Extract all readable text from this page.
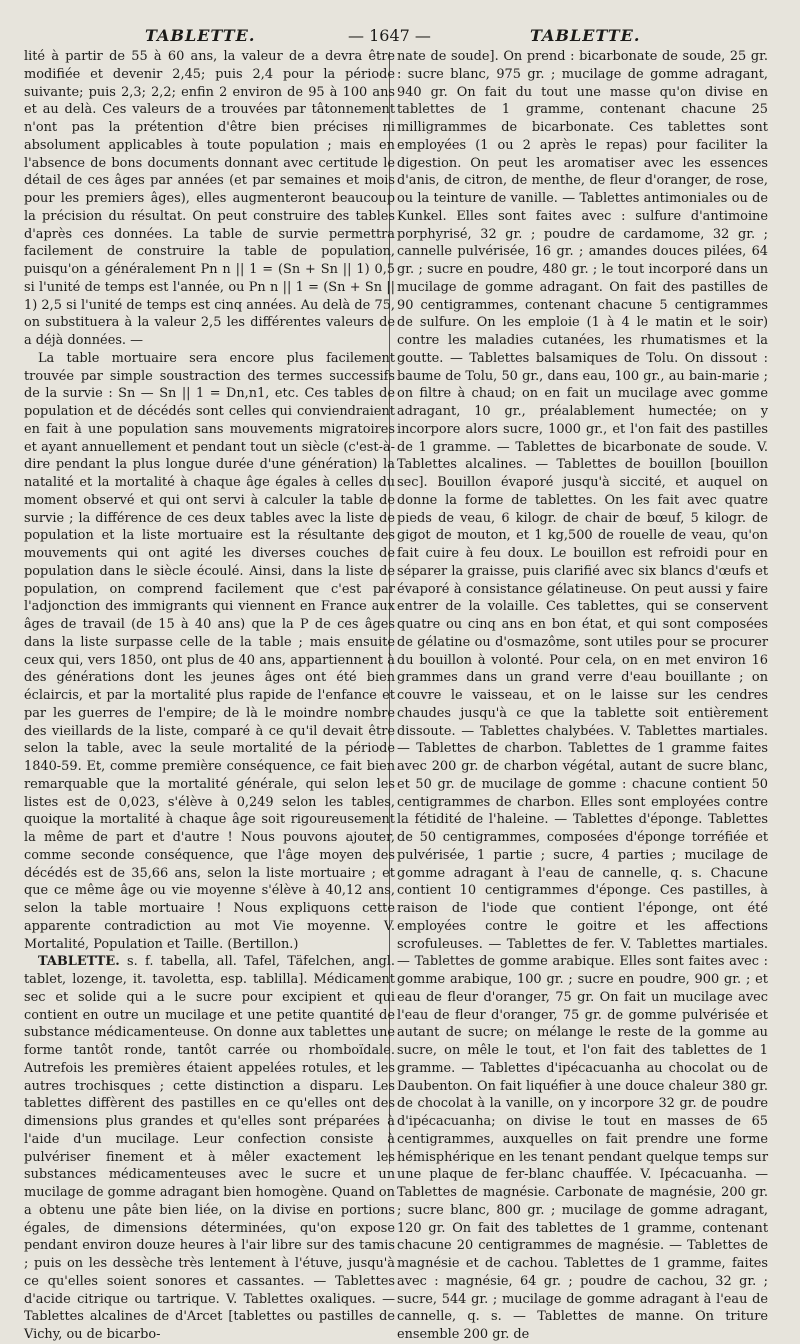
TABLETTE.	— 1647 —	TABLETTE.

lité à partir de 55 à 60 ans, la valeur de a devra être modifiée et devenir 2,45; puis 2,4 pour la période suivante; puis 2,3; 2,2; enfin 2 environ de 95 à 100 ans et au delà. Ces valeurs de a trouvées par tâtonnement n'ont pas la prétention d'être bien précises ni absolument applicables à toute population ; mais en l'absence de bons documents donnant avec certitude le détail de ces âges par années (et par semaines et mois pour les premiers âges), elles augmenteront beaucoup la précision du résultat. On peut construire des tables d'après ces données. La table de survie permettra facilement de construire la table de population, puisqu'on a généralement Pn n || 1 = (Sn + Sn || 1) 0,5 si l'unité de temps est l'année, ou Pn n || 1 = (Sn + Sn || 1) 2,5 si l'unité de temps est cinq années. Au delà de 75, on substituera à la valeur 2,5 les différentes valeurs de a déjà données. —

La table mortuaire sera encore plus facilement trouvée par simple soustraction des termes successifs de la survie : Sn — Sn || 1 = Dn,n1, etc. Ces tables de population et de décédés sont celles qui conviendraient en fait à une population sans mouvements migratoires et ayant annuellement et pendant tout un siècle (c'est-à-dire pendant la plus longue durée d'une génération) la natalité et la mortalité à chaque âge égales à celles du moment observé et qui ont servi à calculer la table de survie ; la différence de ces deux tables avec la liste de population et la liste mortuaire est la résultante des mouvements qui ont agité les diverses couches de population dans le siècle écoulé. Ainsi, dans la liste de population, on comprend facilement que c'est par l'adjonction des immigrants qui viennent en France aux âges de travail (de 15 à 40 ans) que la P de ces âges dans la liste surpasse celle de la table ; mais ensuite ceux qui, vers 1850, ont plus de 40 ans, appartiennent à des générations dont les jeunes âges ont été bien éclaircis, et par la mortalité plus rapide de l'enfance et par les guerres de l'empire; de là le moindre nombre des vieillards de la liste, comparé à ce qu'il devait être selon la table, avec la seule mortalité de la période 1840-59. Et, comme première conséquence, ce fait bien remarquable que la mortalité générale, qui selon les listes est de 0,023, s'élève à 0,249 selon les tables, quoique la mortalité à chaque âge soit rigoureusement la même de part et d'autre ! Nous pouvons ajouter, comme seconde conséquence, que l'âge moyen des décédés est de 35,66 ans, selon la liste mortuaire ; et que ce même âge ou vie moyenne s'élève à 40,12 ans, selon la table mortuaire ! Nous expliquons cette apparente contradiction au mot Vie moyenne. V. Mortalité, Population et Taille. (Bertillon.)

TABLETTE. s. f. tabella, all. Tafel, Täfelchen, angl. tablet, lozenge, it. tavoletta, esp. tablilla]. Médicament sec et solide qui a le sucre pour excipient et qui contient en outre un mucilage et une petite quantité de substance médicamenteuse. On donne aux tablettes une forme tantôt ronde, tantôt carrée ou rhomboïdale. Autrefois les premières étaient appelées rotules, et les autres trochisques ; cette distinction a disparu. Les tablettes diffèrent des pastilles en ce qu'elles ont des dimensions plus grandes et qu'elles sont préparées à l'aide d'un mucilage. Leur confection consiste à pulvériser finement et à mêler exactement les substances médicamenteuses avec le sucre et un mucilage de gomme adragant bien homogène. Quand on a obtenu une pâte bien liée, on la divise en portions égales, de dimensions déterminées, qu'on expose pendant environ douze heures à l'air libre sur des tamis ; puis on les dessèche très lentement à l'étuve, jusqu'à ce qu'elles soient sonores et cassantes. — Tablettes d'acide citrique ou tartrique. V. Tablettes oxaliques. — Tablettes alcalines de d'Arcet [tablettes ou pastilles de Vichy, ou de bicarbo-

nate de soude]. On prend : bicarbonate de soude, 25 gr. : sucre blanc, 975 gr. ; mucilage de gomme adragant, 940 gr. On fait du tout une masse qu'on divise en tablettes de 1 gramme, contenant chacune 25 milligrammes de bicarbonate. Ces tablettes sont employées (1 ou 2 après le repas) pour faciliter la digestion. On peut les aromatiser avec les essences d'anis, de citron, de menthe, de fleur d'oranger, de rose, ou la teinture de vanille. — Tablettes antimoniales ou de Kunkel. Elles sont faites avec : sulfure d'antimoine porphyrisé, 32 gr. ; poudre de cardamome, 32 gr. ; cannelle pulvérisée, 16 gr. ; amandes douces pilées, 64 gr. ; sucre en poudre, 480 gr. ; le tout incorporé dans un mucilage de gomme adragant. On fait des pastilles de 90 centigrammes, contenant chacune 5 centigrammes de sulfure. On les emploie (1 à 4 le matin et le soir) contre les maladies cutanées, les rhumatismes et la goutte. — Tablettes balsamiques de Tolu. On dissout : baume de Tolu, 50 gr., dans eau, 100 gr., au bain-marie ; on filtre à chaud; on en fait un mucilage avec gomme adragant, 10 gr., préalablement humectée; on y incorpore alors sucre, 1000 gr., et l'on fait des pastilles de 1 gramme. — Tablettes de bicarbonate de soude. V. Tablettes alcalines. — Tablettes de bouillon [bouillon sec]. Bouillon évaporé jusqu'à siccité, et auquel on donne la forme de tablettes. On les fait avec quatre pieds de veau, 6 kilogr. de chair de bœuf, 5 kilogr. de gigot de mouton, et 1 kg,500 de rouelle de veau, qu'on fait cuire à feu doux. Le bouillon est refroidi pour en séparer la graisse, puis clarifié avec six blancs d'œufs et évaporé à consistance gélatineuse. On peut aussi y faire entrer de la volaille. Ces tablettes, qui se conservent quatre ou cinq ans en bon état, et qui sont composées de gélatine ou d'osmazôme, sont utiles pour se procurer du bouillon à volonté. Pour cela, on en met environ 16 grammes dans un grand verre d'eau bouillante ; on couvre le vaisseau, et on le laisse sur les cendres chaudes jusqu'à ce que la tablette soit entièrement dissoute. — Tablettes chalybées. V. Tablettes martiales. — Tablettes de charbon. Tablettes de 1 gramme faites avec 200 gr. de charbon végétal, autant de sucre blanc, et 50 gr. de mucilage de gomme : chacune contient 50 centigrammes de charbon. Elles sont employées contre la fétidité de l'haleine. — Tablettes d'éponge. Tablettes de 50 centigrammes, composées d'éponge torréfiée et pulvérisée, 1 partie ; sucre, 4 parties ; mucilage de gomme adragant à l'eau de cannelle, q. s. Chacune contient 10 centigrammes d'éponge. Ces pastilles, à raison de l'iode que contient l'éponge, ont été employées contre le goitre et les affections scrofuleuses. — Tablettes de fer. V. Tablettes martiales. — Tablettes de gomme arabique. Elles sont faites avec : gomme arabique, 100 gr. ; sucre en poudre, 900 gr. ; et eau de fleur d'oranger, 75 gr. On fait un mucilage avec l'eau de fleur d'oranger, 75 gr. de gomme pulvérisée et autant de sucre; on mélange le reste de la gomme au sucre, on mêle le tout, et l'on fait des tablettes de 1 gramme. — Tablettes d'ipécacuanha au chocolat ou de Daubenton. On fait liquéfier à une douce chaleur 380 gr. de chocolat à la vanille, on y incorpore 32 gr. de poudre d'ipécacuanha; on divise le tout en masses de 65 centigrammes, auxquelles on fait prendre une forme hémisphérique en les tenant pendant quelque temps sur une plaque de fer-blanc chauffée. V. Ipécacuanha. — Tablettes de magnésie. Carbonate de magnésie, 200 gr. ; sucre blanc, 800 gr. ; mucilage de gomme adragant, 120 gr. On fait des tablettes de 1 gramme, contenant chacune 20 centigrammes de magnésie. — Tablettes de magnésie et de cachou. Tablettes de 1 gramme, faites avec : magnésie, 64 gr. ; poudre de cachou, 32 gr. ; sucre, 544 gr. ; mucilage de gomme adragant à l'eau de cannelle, q. s. — Tablettes de manne. On triture ensemble 200 gr. de
